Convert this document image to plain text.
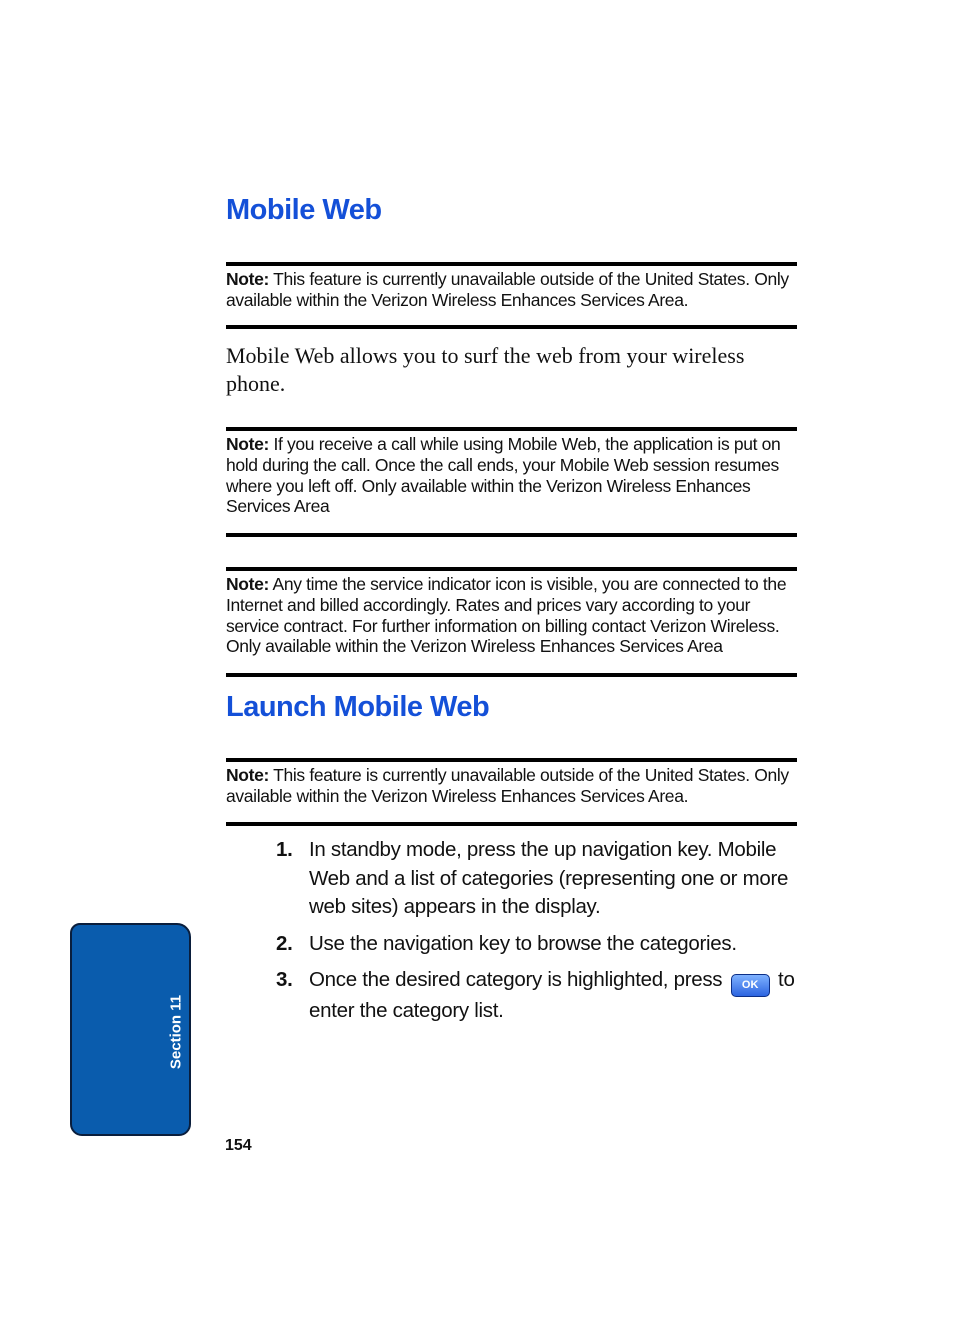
Mobile Web
Note: This feature is currently unavailable outside of the United States. Only available within the Verizon Wireless Enhances Services Area.

Mobile Web allows you to surf the web from your wireless phone.

Note: If you receive a call while using Mobile Web, the application is put on hold during the call. Once the call ends, your Mobile Web session resumes where you left off. Only available within the Verizon Wireless Enhances Services Area
Note: Any time the service indicator icon is visible, you are connected to the Internet and billed accordingly. Rates and prices vary according to your service contract. For further information on billing contact Verizon Wireless. Only available within the Verizon Wireless Enhances Services Area
Launch Mobile Web
Note: This feature is currently unavailable outside of the United States. Only available within the Verizon Wireless Enhances Services Area.
1. In standby mode, press the up navigation key. Mobile Web and a list of categories (representing one or more web sites) appears in the display.
2. Use the navigation key to browse the categories.
3. Once the desired category is highlighted, press OK to enter the category list.
Section 11
154
